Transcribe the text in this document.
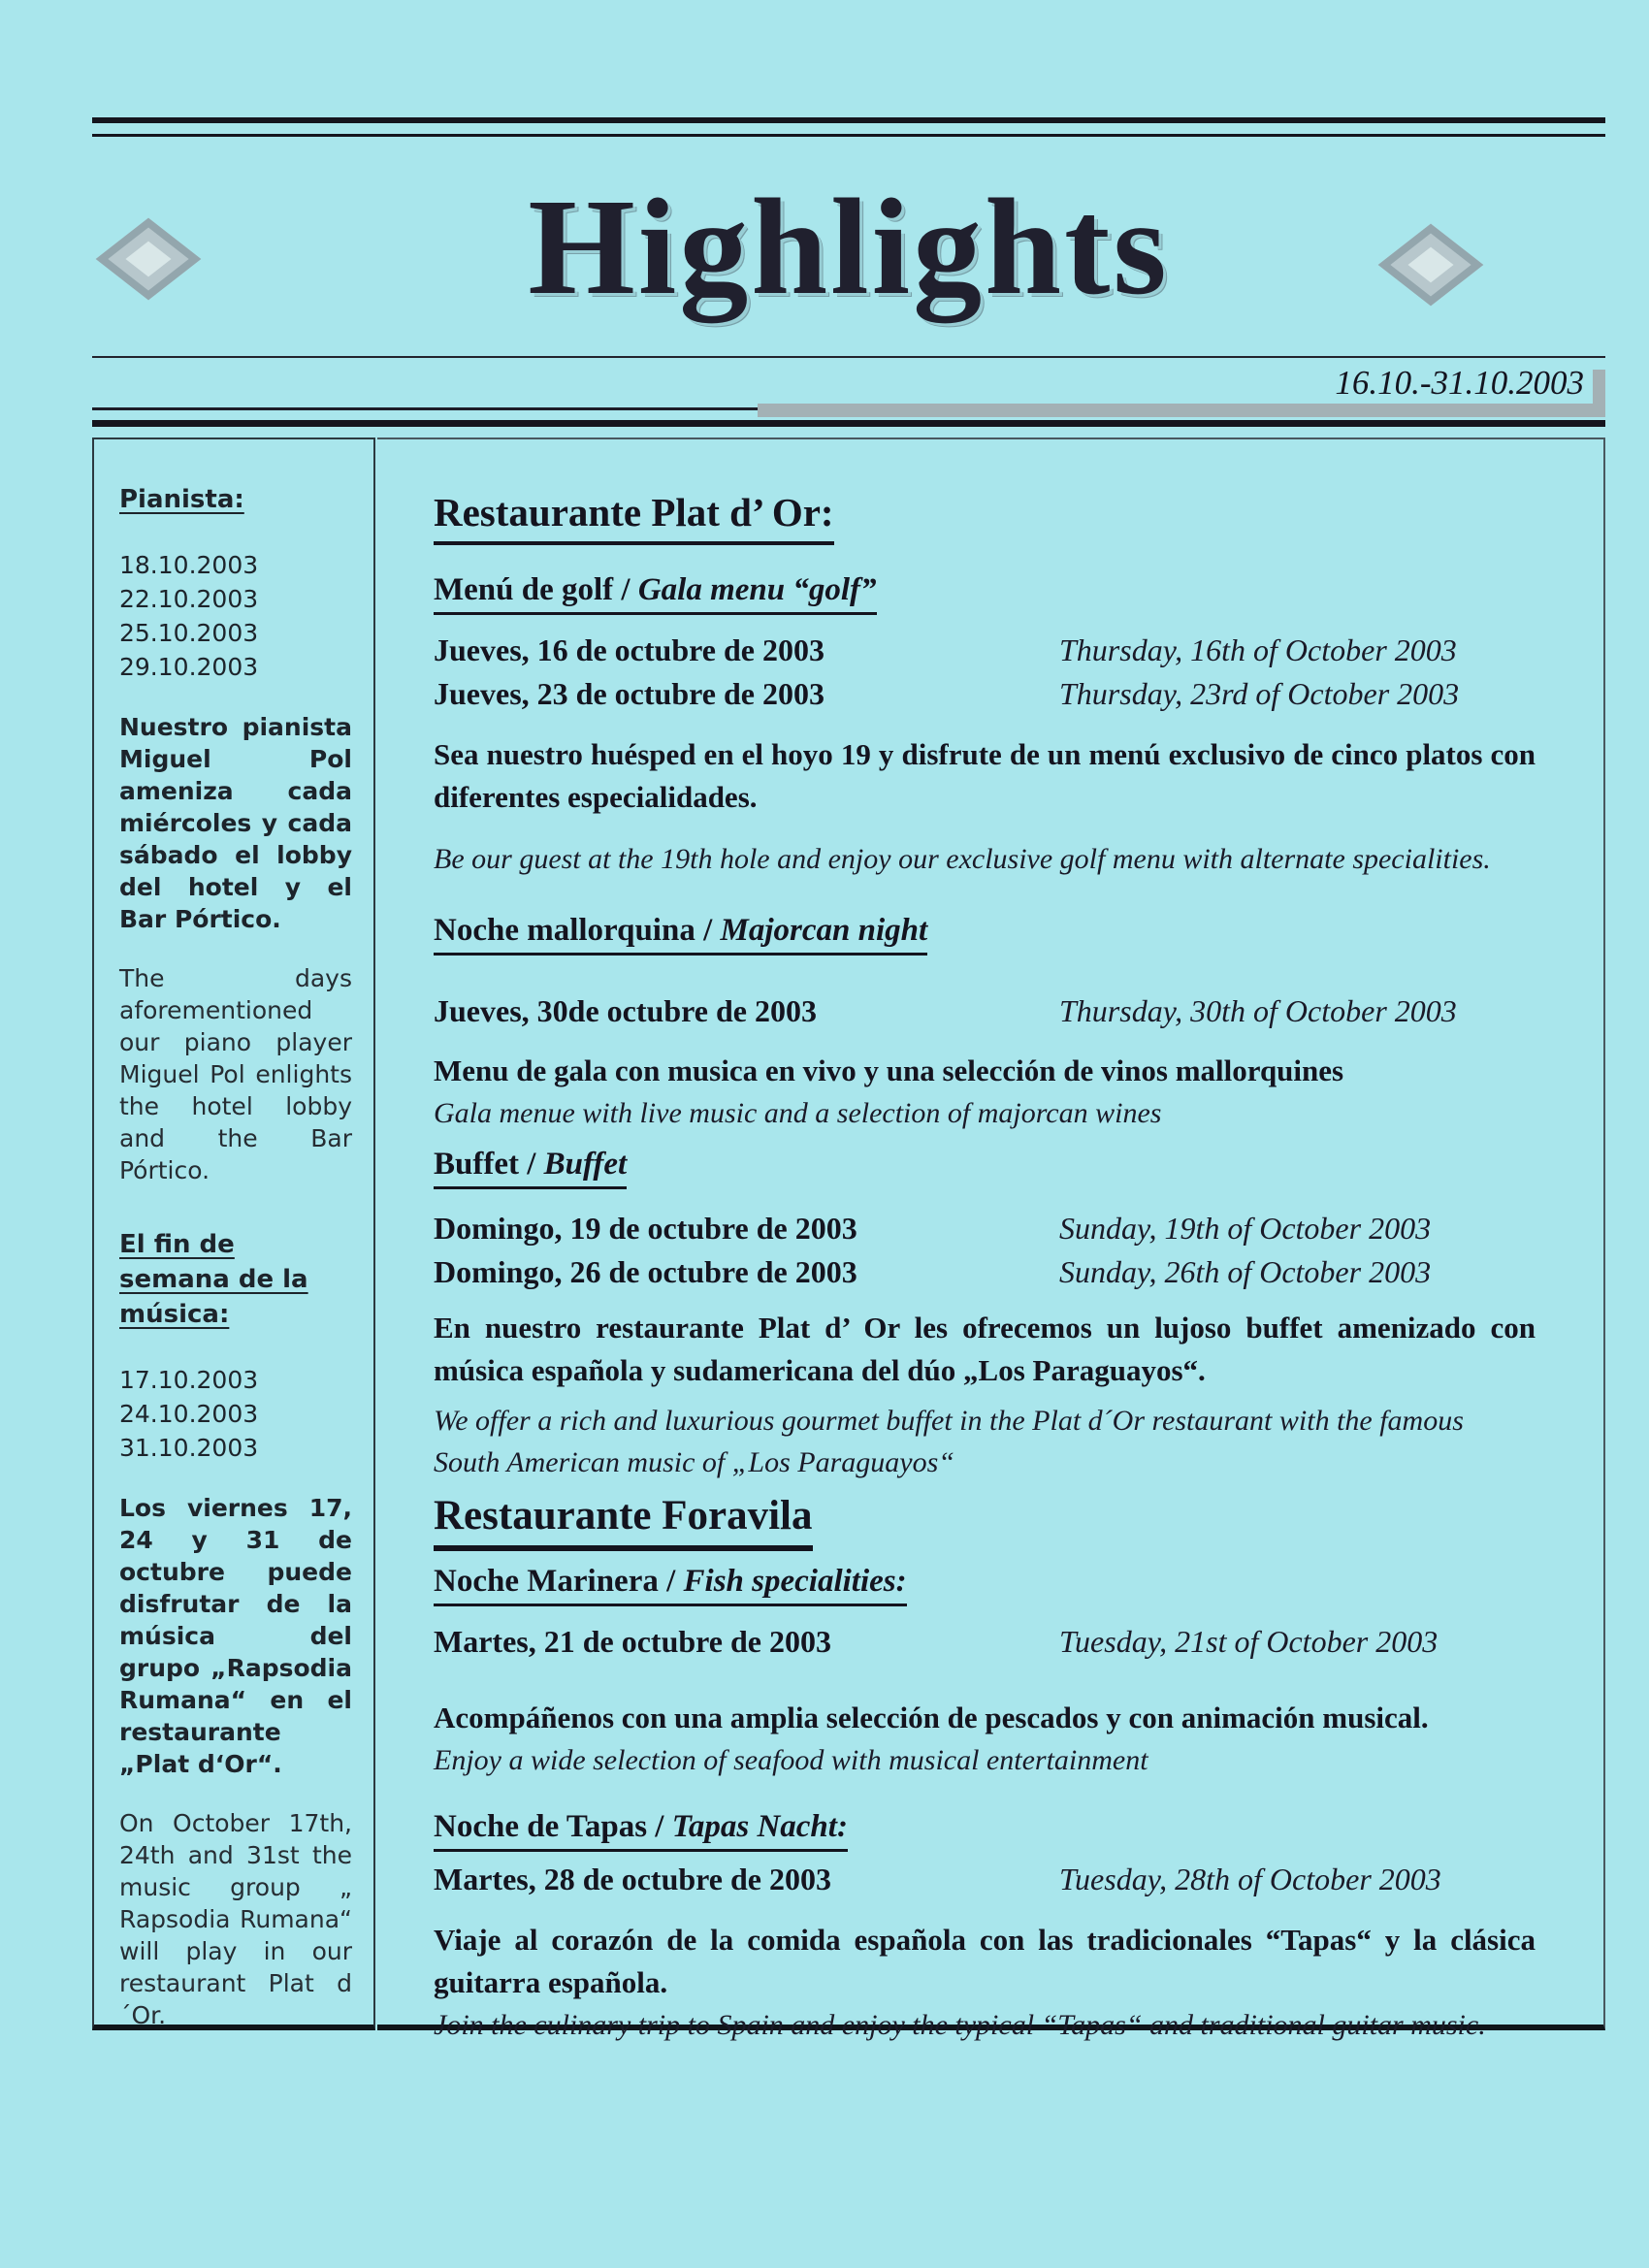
Highlights
16.10.-31.10.2003

Pianista:

18.10.2003
22.10.2003
25.10.2003
29.10.2003

Nuestro pianista Miguel Pol ameniza cada miércoles y cada sábado el lobby del hotel y el Bar Pórtico.

The days aforementioned our piano player Miguel Pol enlights the hotel lobby and the Bar Pórtico.

El fin de semana de la música:

17.10.2003
24.10.2003
31.10.2003

Los viernes 17, 24 y 31 de octubre puede disfrutar de la música del grupo „Rapsodia Rumana“ en el restaurante „Plat d‘Or“.

On October 17th, 24th and 31st the music group „ Rapsodia Rumana“ will play in our restaurant Plat d´Or.

Restaurante Plat d’ Or:

Menú de golf / Gala menu “golf”

Jueves, 16 de octubre de 2003	Thursday, 16th of October 2003
Jueves, 23 de octubre de 2003	Thursday, 23rd of October 2003

Sea nuestro huésped en el hoyo 19 y disfrute de un menú exclusivo de cinco platos con diferentes especialidades.

Be our guest at the 19th hole and enjoy our exclusive golf menu with alternate specialities.

Noche mallorquina / Majorcan night

Jueves, 30de octubre de 2003	Thursday, 30th of October 2003

Menu de gala con musica en vivo y una selección de vinos mallorquines

Gala menue with live music and a selection of majorcan wines

Buffet / Buffet

Domingo, 19 de octubre de 2003	Sunday, 19th of October 2003
Domingo, 26 de octubre de 2003	Sunday, 26th of October 2003

En nuestro restaurante Plat d’ Or les ofrecemos un lujoso buffet amenizado con música española y sudamericana del dúo „Los Paraguayos“.

We offer a rich and luxurious gourmet buffet in the Plat d´Or restaurant with the famous South American music of „Los Paraguayos“

Restaurante Foravila

Noche Marinera / Fish specialities:

Martes, 21 de octubre de 2003	Tuesday, 21st of October 2003

Acompáñenos con una amplia selección de pescados y con animación musical.

Enjoy a wide selection of seafood with musical entertainment

Noche de Tapas / Tapas Nacht:

Martes, 28 de octubre de 2003	Tuesday, 28th of October 2003

Viaje al corazón de la comida española con las tradicionales “Tapas“ y la clásica guitarra española.

Join the culinary trip to Spain and enjoy the typical “Tapas“ and traditional guitar music.
